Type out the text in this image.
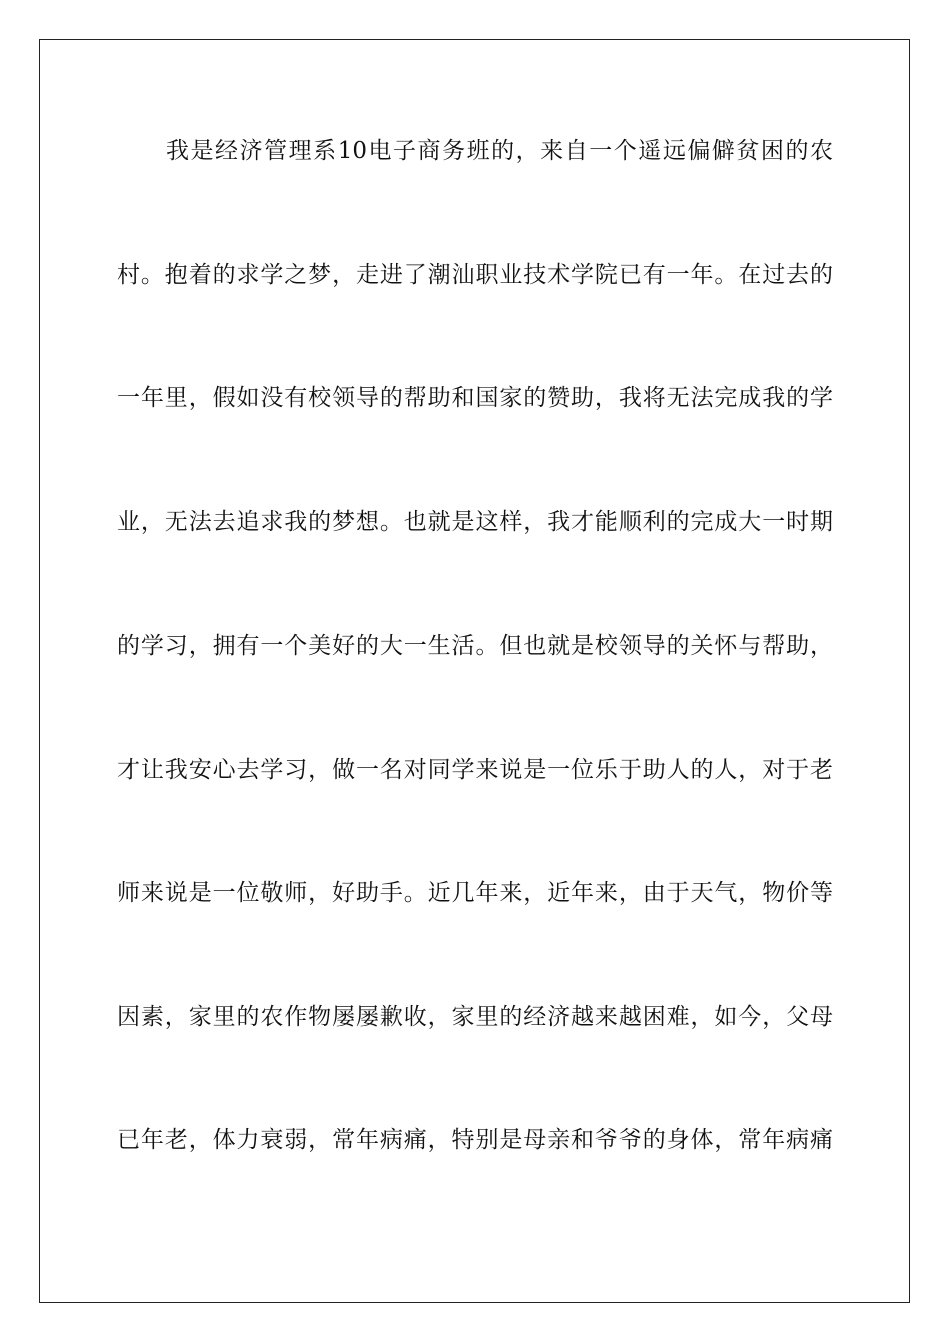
我是经济管理系10电子商务班的，来自一个遥远偏僻贫困的农
村。抱着的求学之梦，走进了潮汕职业技术学院已有一年。在过去的
一年里，假如没有校领导的帮助和国家的赞助，我将无法完成我的学
业，无法去追求我的梦想。也就是这样，我才能顺利的完成大一时期
的学习，拥有一个美好的大一生活。但也就是校领导的关怀与帮助，
才让我安心去学习，做一名对同学来说是一位乐于助人的人，对于老
师来说是一位敬师，好助手。近几年来，近年来，由于天气，物价等
因素，家里的农作物屡屡歉收，家里的经济越来越困难，如今，父母
已年老，体力衰弱，常年病痛，特别是母亲和爷爷的身体，常年病痛
